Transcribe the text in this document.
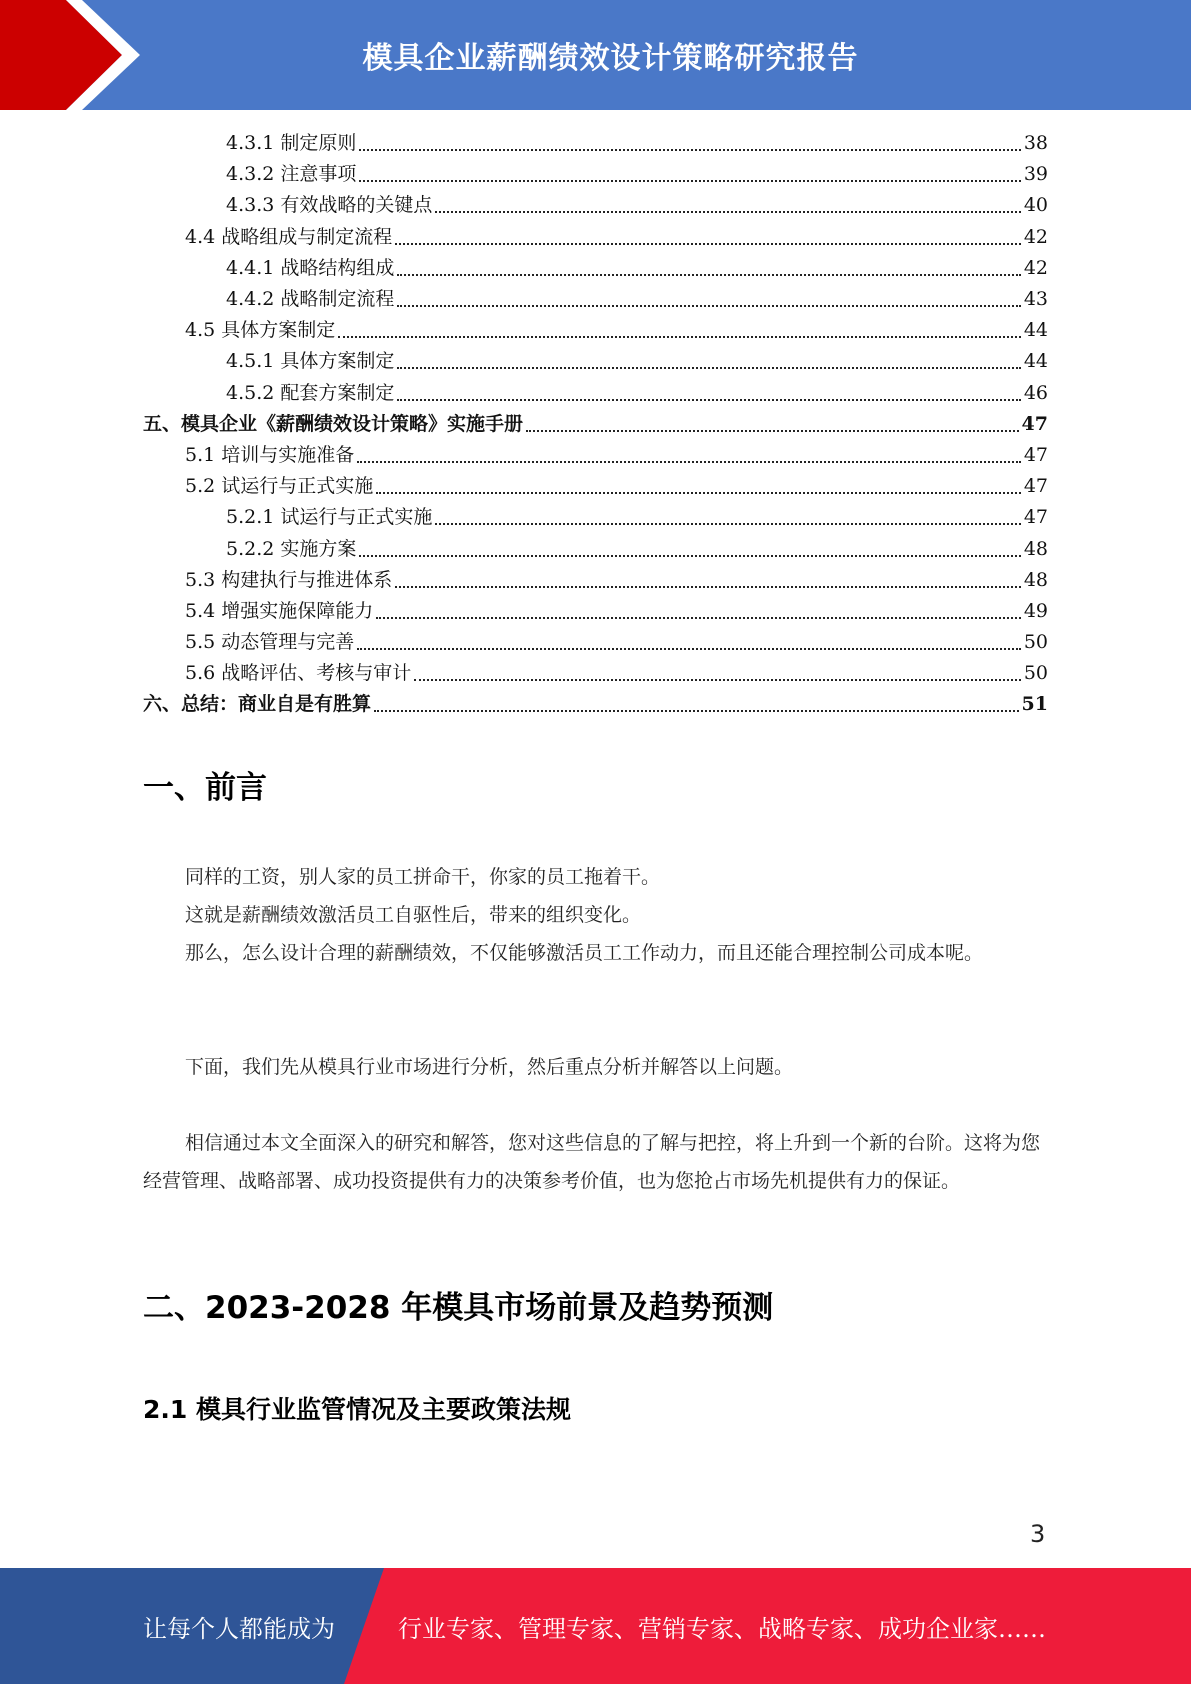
模具企业薪酬绩效设计策略研究报告
4.3.1 制定原则	38
4.3.2 注意事项	39
4.3.3 有效战略的关键点	40
4.4 战略组成与制定流程	42
4.4.1 战略结构组成	42
4.4.2 战略制定流程	43
4.5 具体方案制定	44
4.5.1 具体方案制定	44
4.5.2 配套方案制定	46
五、模具企业《薪酬绩效设计策略》实施手册	47
5.1 培训与实施准备	47
5.2 试运行与正式实施	47
5.2.1 试运行与正式实施	47
5.2.2 实施方案	48
5.3 构建执行与推进体系	48
5.4 增强实施保障能力	49
5.5 动态管理与完善	50
5.6 战略评估、考核与审计	50
六、总结：商业自是有胜算	51
一、前言

同样的工资，别人家的员工拼命干，你家的员工拖着干。

这就是薪酬绩效激活员工自驱性后，带来的组织变化。

那么，怎么设计合理的薪酬绩效，不仅能够激活员工工作动力，而且还能合理控制公司成本呢。

下面，我们先从模具行业市场进行分析，然后重点分析并解答以上问题。

相信通过本文全面深入的研究和解答，您对这些信息的了解与把控，将上升到一个新的台阶。这将为您经营管理、战略部署、成功投资提供有力的决策参考价值，也为您抢占市场先机提供有力的保证。

二、2023-2028 年模具市场前景及趋势预测
2.1 模具行业监管情况及主要政策法规
3
让每个人都能成为	行业专家、管理专家、营销专家、战略专家、成功企业家……
